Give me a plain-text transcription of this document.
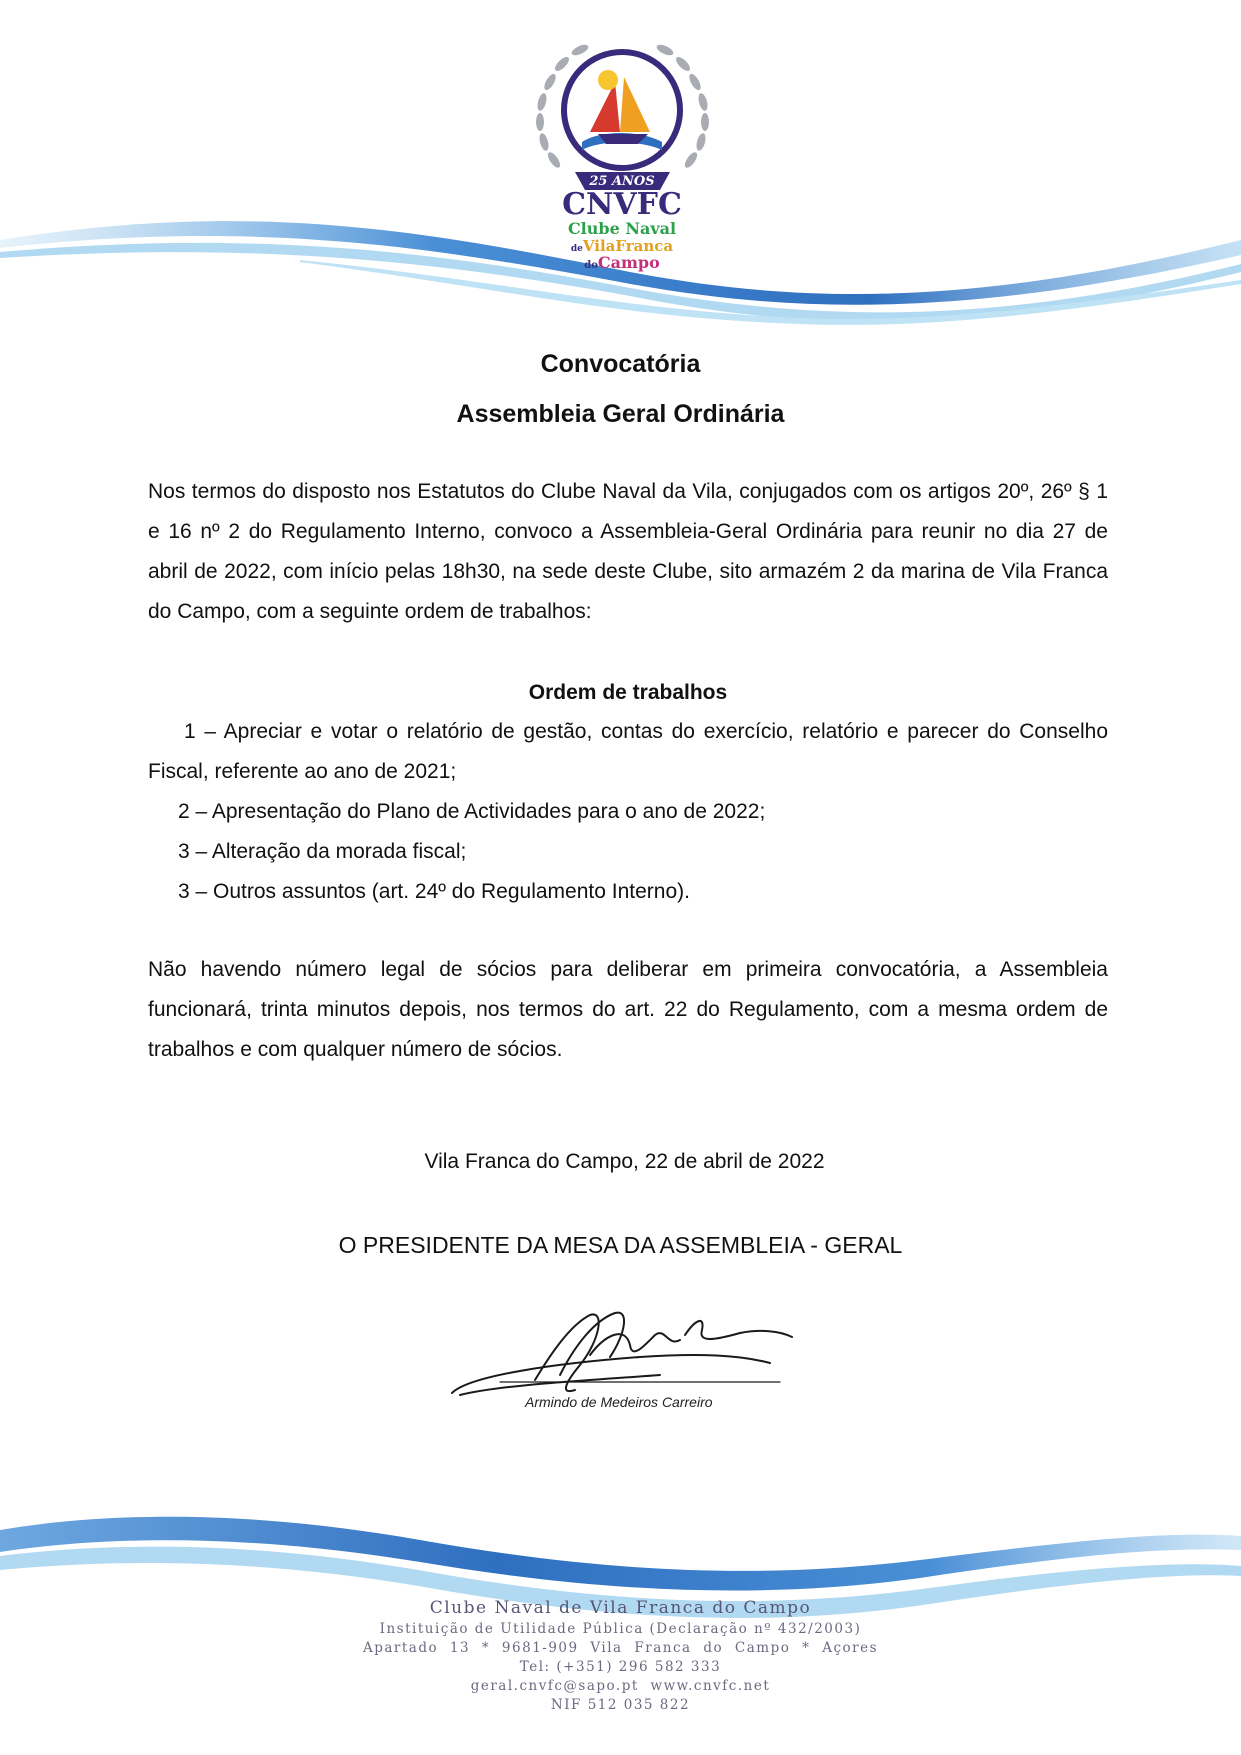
25 ANOS
CNVFC
Clube Naval
deVilaFranca
doCampo
Convocatória
Assembleia Geral Ordinária

Nos termos do disposto nos Estatutos do Clube Naval da Vila, conjugados com os artigos 20º, 26º § 1 e 16 nº 2 do Regulamento Interno, convoco a Assembleia-Geral Ordinária para reunir no dia 27 de abril de 2022, com início pelas 18h30, na sede deste Clube, sito armazém 2 da marina de Vila Franca do Campo, com a seguinte ordem de trabalhos:

Ordem de trabalhos

1 – Apreciar e votar o relatório de gestão, contas do exercício, relatório e parecer do Conselho Fiscal, referente ao ano de 2021;

2 – Apresentação do Plano de Actividades para o ano de 2022;
3 – Alteração da morada fiscal;
3 – Outros assuntos (art. 24º do Regulamento Interno).

Não havendo número legal de sócios para deliberar em primeira convocatória, a Assembleia funcionará, trinta minutos depois, nos termos do art. 22 do Regulamento, com a mesma ordem de trabalhos e com qualquer número de sócios.

Vila Franca do Campo, 22 de abril de 2022
O PRESIDENTE DA MESA DA ASSEMBLEIA - GERAL
Armindo de Medeiros Carreiro
Clube Naval de Vila Franca do Campo
Instituição de Utilidade Pública (Declaração nº 432/2003)
Apartado 13 * 9681-909 Vila Franca do Campo * Açores
Tel: (+351) 296 582 333
geral.cnvfc@sapo.pt www.cnvfc.net
NIF 512 035 822
